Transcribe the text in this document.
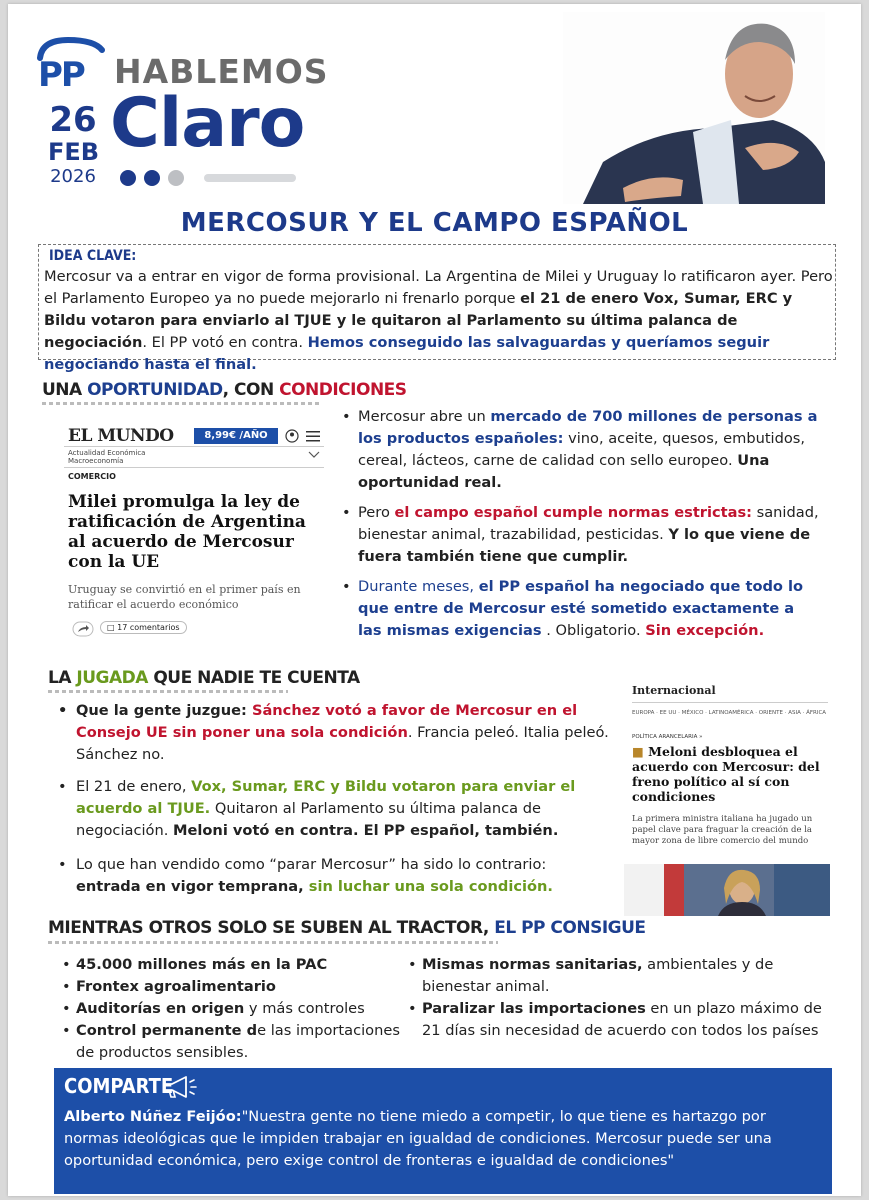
PP HABLEMOS
Claro
26
FEB
2026
MERCOSUR Y EL CAMPO ESPAÑOL
IDEA CLAVE:
Mercosur va a entrar en vigor de forma provisional. La Argentina de Milei y Uruguay lo ratificaron ayer. Pero el Parlamento Europeo ya no puede mejorarlo ni frenarlo porque el 21 de enero Vox, Sumar, ERC y Bildu votaron para enviarlo al TJUE y le quitaron al Parlamento su última palanca de negociación. El PP votó en contra. Hemos conseguido las salvaguardas y queríamos seguir negociando hasta el final.
UNA OPORTUNIDAD, CON CONDICIONES
EL MUNDO	8,99€ /AÑO
Actualidad Económica
Macroeconomía
COMERCIO
Milei promulga la ley de ratificación de Argentina al acuerdo de Mercosur con la UE
Uruguay se convirtió en el primer país en ratificar el acuerdo económico
□ 17 comentarios
• Mercosur abre un mercado de 700 millones de personas a los productos españoles: vino, aceite, quesos, embutidos, cereal, lácteos, carne de calidad con sello europeo. Una oportunidad real.
• Pero el campo español cumple normas estrictas: sanidad, bienestar animal, trazabilidad, pesticidas. Y lo que viene de fuera también tiene que cumplir.
• Durante meses, el PP español ha negociado que todo lo que entre de Mercosur esté sometido exactamente a las mismas exigencias . Obligatorio. Sin excepción.
LA JUGADA QUE NADIE TE CUENTA
• Que la gente juzgue: Sánchez votó a favor de Mercosur en el Consejo UE sin poner una sola condición. Francia peleó. Italia peleó. Sánchez no.
• El 21 de enero, Vox, Sumar, ERC y Bildu votaron para enviar el acuerdo al TJUE. Quitaron al Parlamento su última palanca de negociación. Meloni votó en contra. El PP español, también.
• Lo que han vendido como “parar Mercosur” ha sido lo contrario: entrada en vigor temprana, sin luchar una sola condición.
Internacional
EUROPA · EE UU · MÉXICO · LATINOAMÉRICA · ORIENTE · ASIA · ÁFRICA
POLÍTICA ARANCELARIA »
■ Meloni desbloquea el acuerdo con Mercosur: del freno político al sí con condiciones
La primera ministra italiana ha jugado un papel clave para fraguar la creación de la mayor zona de libre comercio del mundo
MIENTRAS OTROS SOLO SE SUBEN AL TRACTOR, EL PP CONSIGUE
• 45.000 millones más en la PAC
• Frontex agroalimentario
• Auditorías en origen y más controles
• Control permanente de las importaciones de productos sensibles.
• Mismas normas sanitarias, ambientales y de bienestar animal.
• Paralizar las importaciones en un plazo máximo de 21 días sin necesidad de acuerdo con todos los países
COMPARTE
Alberto Núñez Feijóo:"Nuestra gente no tiene miedo a competir, lo que tiene es hartazgo por normas ideológicas que le impiden trabajar en igualdad de condiciones. Mercosur puede ser una oportunidad económica, pero exige control de fronteras e igualdad de condiciones"
